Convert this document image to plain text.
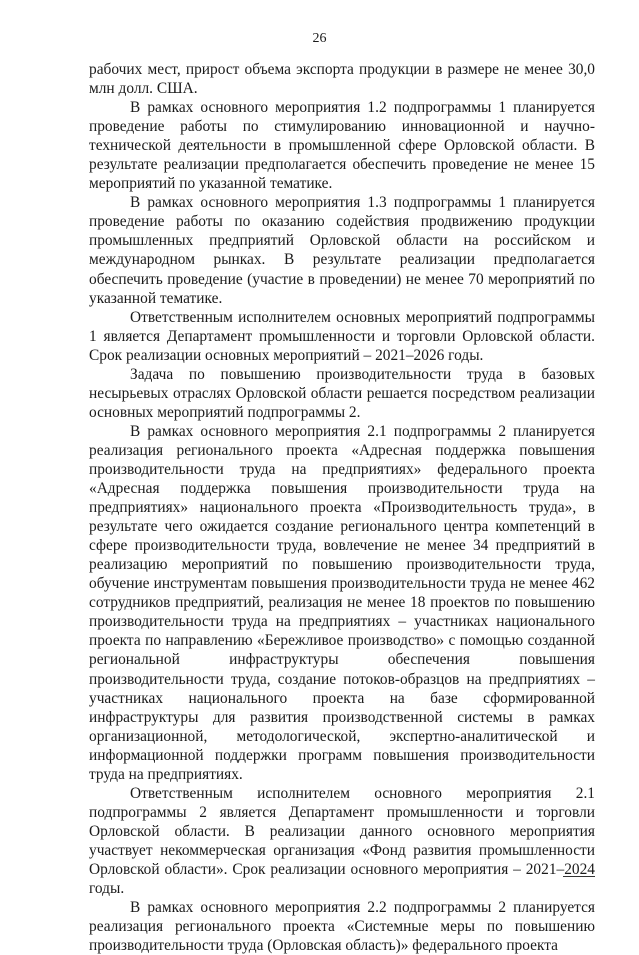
26

рабочих мест, прирост объема экспорта продукции в размере не менее 30,0 млн долл. США.

В рамках основного мероприятия 1.2 подпрограммы 1 планируется проведение работы по стимулированию инновационной и научно-технической деятельности в промышленной сфере Орловской области. В результате реализации предполагается обеспечить проведение не менее 15 мероприятий по указанной тематике.

В рамках основного мероприятия 1.3 подпрограммы 1 планируется проведение работы по оказанию содействия продвижению продукции промышленных предприятий Орловской области на российском и международном рынках. В результате реализации предполагается обеспечить проведение (участие в проведении) не менее 70 мероприятий по указанной тематике.

Ответственным исполнителем основных мероприятий подпрограммы 1 является Департамент промышленности и торговли Орловской области. Срок реализации основных мероприятий – 2021–2026 годы.

Задача по повышению производительности труда в базовых несырьевых отраслях Орловской области решается посредством реализации основных мероприятий подпрограммы 2.

В рамках основного мероприятия 2.1 подпрограммы 2 планируется реализация регионального проекта «Адресная поддержка повышения производительности труда на предприятиях» федерального проекта «Адресная поддержка повышения производительности труда на предприятиях» национального проекта «Производительность труда», в результате чего ожидается создание регионального центра компетенций в сфере производительности труда, вовлечение не менее 34 предприятий в реализацию мероприятий по повышению производительности труда, обучение инструментам повышения производительности труда не менее 462 сотрудников предприятий, реализация не менее 18 проектов по повышению производительности труда на предприятиях – участниках национального проекта по направлению «Бережливое производство» с помощью созданной региональной инфраструктуры обеспечения повышения производительности труда, создание потоков-образцов на предприятиях – участниках национального проекта на базе сформированной инфраструктуры для развития производственной системы в рамках организационной, методологической, экспертно-аналитической и информационной поддержки программ повышения производительности труда на предприятиях.

Ответственным исполнителем основного мероприятия 2.1 подпрограммы 2 является Департамент промышленности и торговли Орловской области. В реализации данного основного мероприятия участвует некоммерческая организация «Фонд развития промышленности Орловской области». Срок реализации основного мероприятия – 2021–2024 годы.

В рамках основного мероприятия 2.2 подпрограммы 2 планируется реализация регионального проекта «Системные меры по повышению производительности труда (Орловская область)» федерального проекта
